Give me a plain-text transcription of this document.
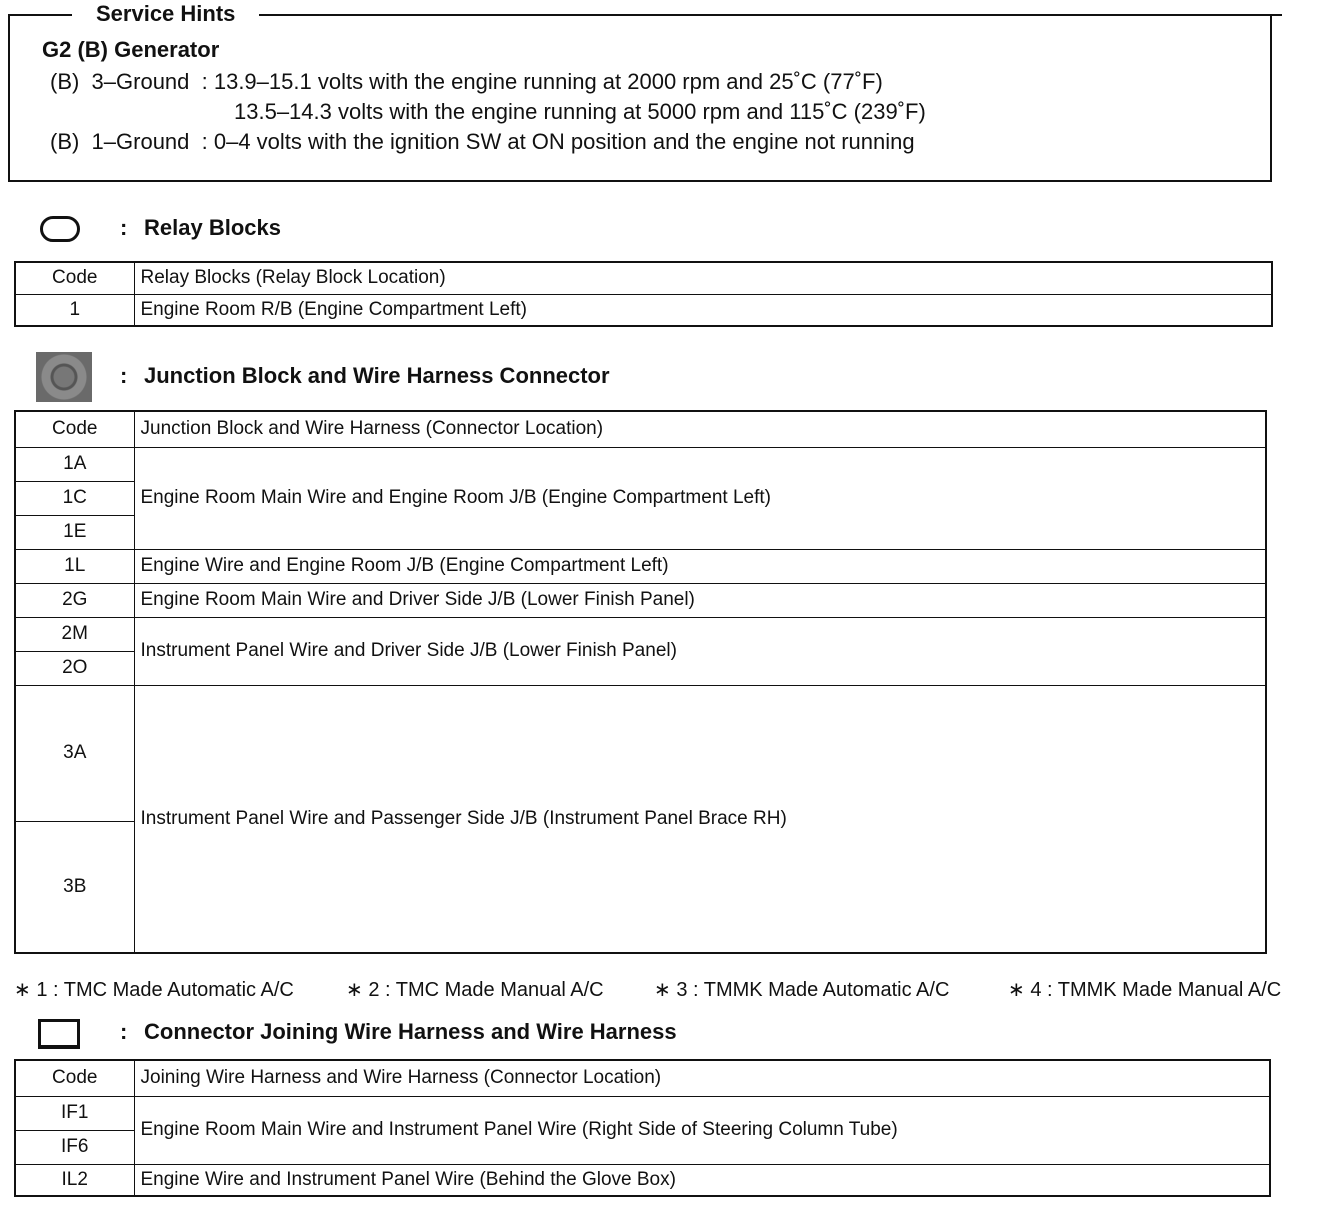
Service Hints
G2 (B) Generator
(B)  3–Ground  : 13.9–15.1 volts with the engine running at 2000 rpm and 25˚C (77˚F)
13.5–14.3 volts with the engine running at 5000 rpm and 115˚C (239˚F)
(B)  1–Ground  : 0–4 volts with the ignition SW at ON position and the engine not running
: Relay Blocks
Code	Relay Blocks (Relay Block Location)
1	Engine Room R/B (Engine Compartment Left)
: Junction Block and Wire Harness Connector
Code	Junction Block and Wire Harness (Connector Location)
1A	Engine Room Main Wire and Engine Room J/B (Engine Compartment Left)
1C	
1E	
1L	Engine Wire and Engine Room J/B (Engine Compartment Left)
2G	Engine Room Main Wire and Driver Side J/B (Lower Finish Panel)
2M	Instrument Panel Wire and Driver Side J/B (Lower Finish Panel)
2O	
3A	Instrument Panel Wire and Passenger Side J/B (Instrument Panel Brace RH)
3B	
∗ 1 : TMC Made Automatic A/C	∗ 2 : TMC Made Manual A/C	∗ 3 : TMMK Made Automatic A/C	∗ 4 : TMMK Made Manual A/C
: Connector Joining Wire Harness and Wire Harness
Code	Joining Wire Harness and Wire Harness (Connector Location)
IF1	Engine Room Main Wire and Instrument Panel Wire (Right Side of Steering Column Tube)
IF6	
IL2	Engine Wire and Instrument Panel Wire (Behind the Glove Box)
